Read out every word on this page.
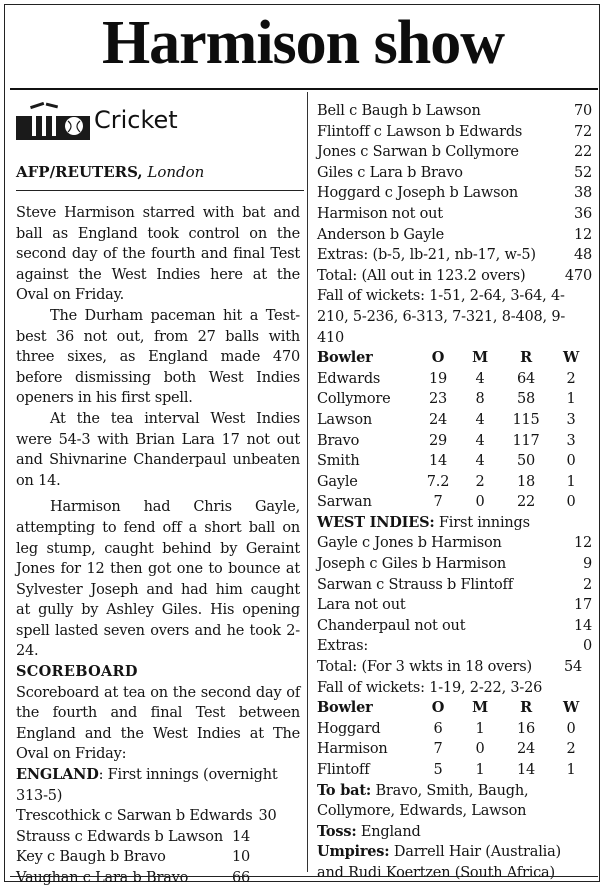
Harmison show
Cricket
AFP/REUTERS, London

Steve Harmison starred with bat and ball as England took control on the second day of the fourth and final Test against the West Indies here at the Oval on Friday.

The Durham paceman hit a Test-best 36 not out, from 27 balls with three sixes, as England made 470 before dismissing both West Indies openers in his first spell.

At the tea interval West Indies were 54-3 with Brian Lara 17 not out and Shivnarine Chanderpaul unbeaten on 14.

Harmison had Chris Gayle, attempting to fend off a short ball on leg stump, caught behind by Geraint Jones for 12 then got one to bounce at Sylvester Joseph and had him caught at gully by Ashley Giles. His opening spell lasted seven overs and he took 2-24.

SCOREBOARD

Scoreboard at tea on the second day of the fourth and final Test between England and the West Indies at The Oval on Friday:

ENGLAND: First innings (overnight 313-5)
Trescothick c Sarwan b Edwards 30
Strauss c Edwards b Lawson 14
Key c Baugh b Bravo	10
Vaughan c Lara b Bravo	66
Bell c Baugh b Lawson	70
Flintoff c Lawson b Edwards	72
Jones c Sarwan b Collymore	22
Giles c Lara b Bravo	52
Hoggard c Joseph b Lawson	38
Harmison not out	36
Anderson b Gayle	12
Extras: (b-5, lb-21, nb-17, w-5)	48
Total: (All out in 123.2 overs)	470
Fall of wickets: 1-51, 2-64, 3-64, 4-210, 5-236, 6-313, 7-321, 8-408, 9-410
Bowler	O	M	R	W
Edwards	19	4	64	2
Collymore	23	8	58	1
Lawson	24	4	115	3
Bravo	29	4	117	3
Smith	14	4	50	0
Gayle	7.2	2	18	1
Sarwan	7	0	22	0
WEST INDIES: First innings
Gayle c Jones b Harmison	12
Joseph c Giles b Harmison	9
Sarwan c Strauss b Flintoff	2
Lara not out	17
Chanderpaul not out	14
Extras:	0
Total: (For 3 wkts in 18 overs)	54
Fall of wickets: 1-19, 2-22, 3-26
Bowler	O	M	R	W
Hoggard	6	1	16	0
Harmison	7	0	24	2
Flintoff	5	1	14	1
To bat: Bravo, Smith, Baugh, Collymore, Edwards, Lawson
Toss: England
Umpires: Darrell Hair (Australia) and Rudi Koertzen (South Africa)
